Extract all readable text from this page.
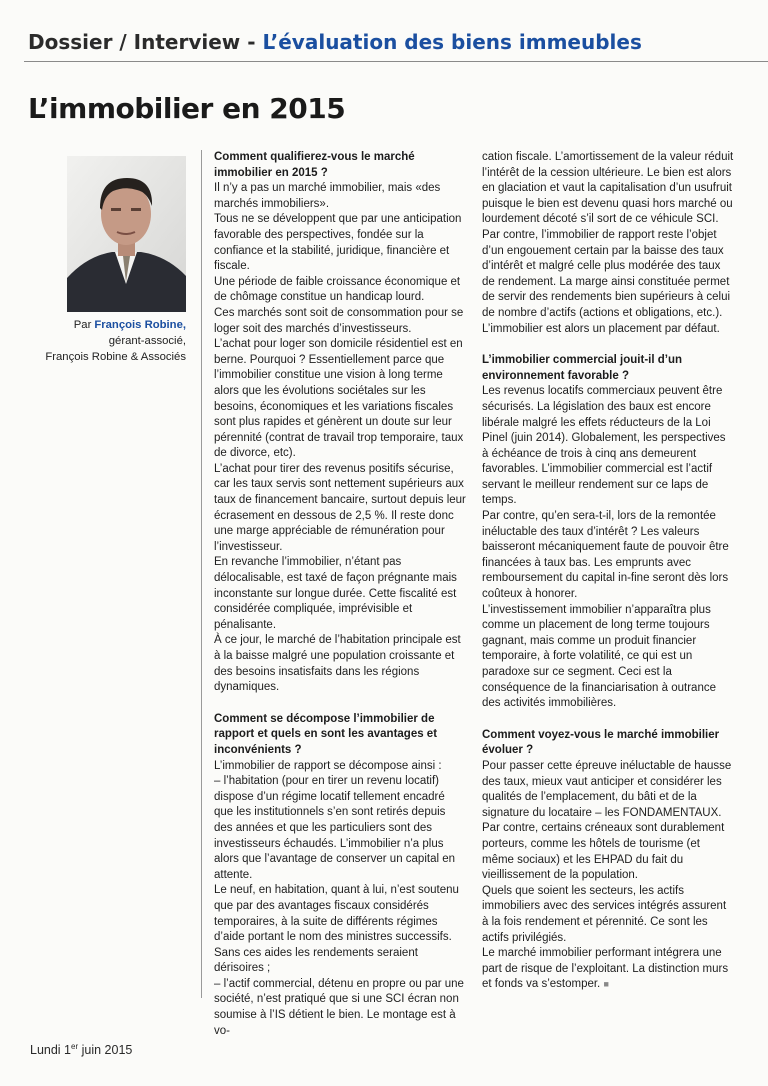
Dossier / Interview - L’évaluation des biens immeubles
L’immobilier en 2015
Par François Robine,
gérant-associé,
François Robine & Associés
Comment qualifierez-vous le marché immobilier en 2015 ?

Il n’y a pas un marché immobilier, mais «des marchés immobiliers».

Tous ne se développent que par une anticipation favorable des perspectives, fondée sur la confiance et la stabilité, juridique, financière et fiscale.

Une période de faible croissance économique et de chômage constitue un handicap lourd.

Ces marchés sont soit de consommation pour se loger soit des marchés d’investisseurs.

L’achat pour loger son domicile résidentiel est en berne. Pourquoi ? Essentiellement parce que l’immobilier constitue une vision à long terme alors que les évolutions sociétales sur les besoins, économiques et les variations fiscales sont plus rapides et génèrent un doute sur leur pérennité (contrat de travail trop temporaire, taux de divorce, etc).

L’achat pour tirer des revenus positifs sécurise, car les taux servis sont nettement supérieurs aux taux de financement bancaire, surtout depuis leur écrasement en dessous de 2,5 %. Il reste donc une marge appréciable de rémunération pour l’investisseur.

En revanche l’immobilier, n’étant pas délocalisable, est taxé de façon prégnante mais inconstante sur longue durée. Cette fiscalité est considérée compliquée, imprévisible et pénalisante.

À ce jour, le marché de l’habitation principale est à la baisse malgré une population croissante et des besoins insatisfaits dans les régions dynamiques.

Comment se décompose l’immobilier de rapport et quels en sont les avantages et inconvénients ?

L’immobilier de rapport se décompose ainsi :

– l’habitation (pour en tirer un revenu locatif) dispose d’un régime locatif tellement encadré que les institutionnels s’en sont retirés depuis des années et que les particuliers sont des investisseurs échaudés. L’immobilier n’a plus alors que l’avantage de conserver un capital en attente.

Le neuf, en habitation, quant à lui, n’est soutenu que par des avantages fiscaux considérés temporaires, à la suite de différents régimes d’aide portant le nom des ministres successifs. Sans ces aides les rendements seraient dérisoires ;

– l’actif commercial, détenu en propre ou par une société, n’est pratiqué que si une SCI écran non soumise à l’IS détient le bien. Le montage est à vo-

cation fiscale. L’amortissement de la valeur réduit l’intérêt de la cession ultérieure. Le bien est alors en glaciation et vaut la capitalisation d’un usufruit puisque le bien est devenu quasi hors marché ou lourdement décoté s’il sort de ce véhicule SCI.

Par contre, l’immobilier de rapport reste l’objet d’un engouement certain par la baisse des taux d’intérêt et malgré celle plus modérée des taux de rendement. La marge ainsi constituée permet de servir des rendements bien supérieurs à celui de nombre d’actifs (actions et obligations, etc.).

L’immobilier est alors un placement par défaut.

L’immobilier commercial jouit-il d’un environnement favorable ?

Les revenus locatifs commerciaux peuvent être sécurisés. La législation des baux est encore libérale malgré les effets réducteurs de la Loi Pinel (juin 2014). Globalement, les perspectives à échéance de trois à cinq ans demeurent favorables. L’immobilier commercial est l’actif servant le meilleur rendement sur ce laps de temps.

Par contre, qu’en sera-t-il, lors de la remontée inéluctable des taux d’intérêt ? Les valeurs baisseront mécaniquement faute de pouvoir être financées à taux bas. Les emprunts avec remboursement du capital in-fine seront dès lors coûteux à honorer.

L’investissement immobilier n’apparaîtra plus comme un placement de long terme toujours gagnant, mais comme un produit financier temporaire, à forte volatilité, ce qui est un paradoxe sur ce segment. Ceci est la conséquence de la financiarisation à outrance des activités immobilières.

Comment voyez-vous le marché immobilier évoluer ?

Pour passer cette épreuve inéluctable de hausse des taux, mieux vaut anticiper et considérer les qualités de l’emplacement, du bâti et de la signature du locataire – les FONDAMENTAUX.

Par contre, certains créneaux sont durablement porteurs, comme les hôtels de tourisme (et même sociaux) et les EHPAD du fait du vieillissement de la population.

Quels que soient les secteurs, les actifs immobiliers avec des services intégrés assurent à la fois rendement et pérennité. Ce sont les actifs privilégiés.

Le marché immobilier performant intégrera une part de risque de l’exploitant. La distinction murs et fonds va s’estomper. ■

Lundi 1er juin 2015
